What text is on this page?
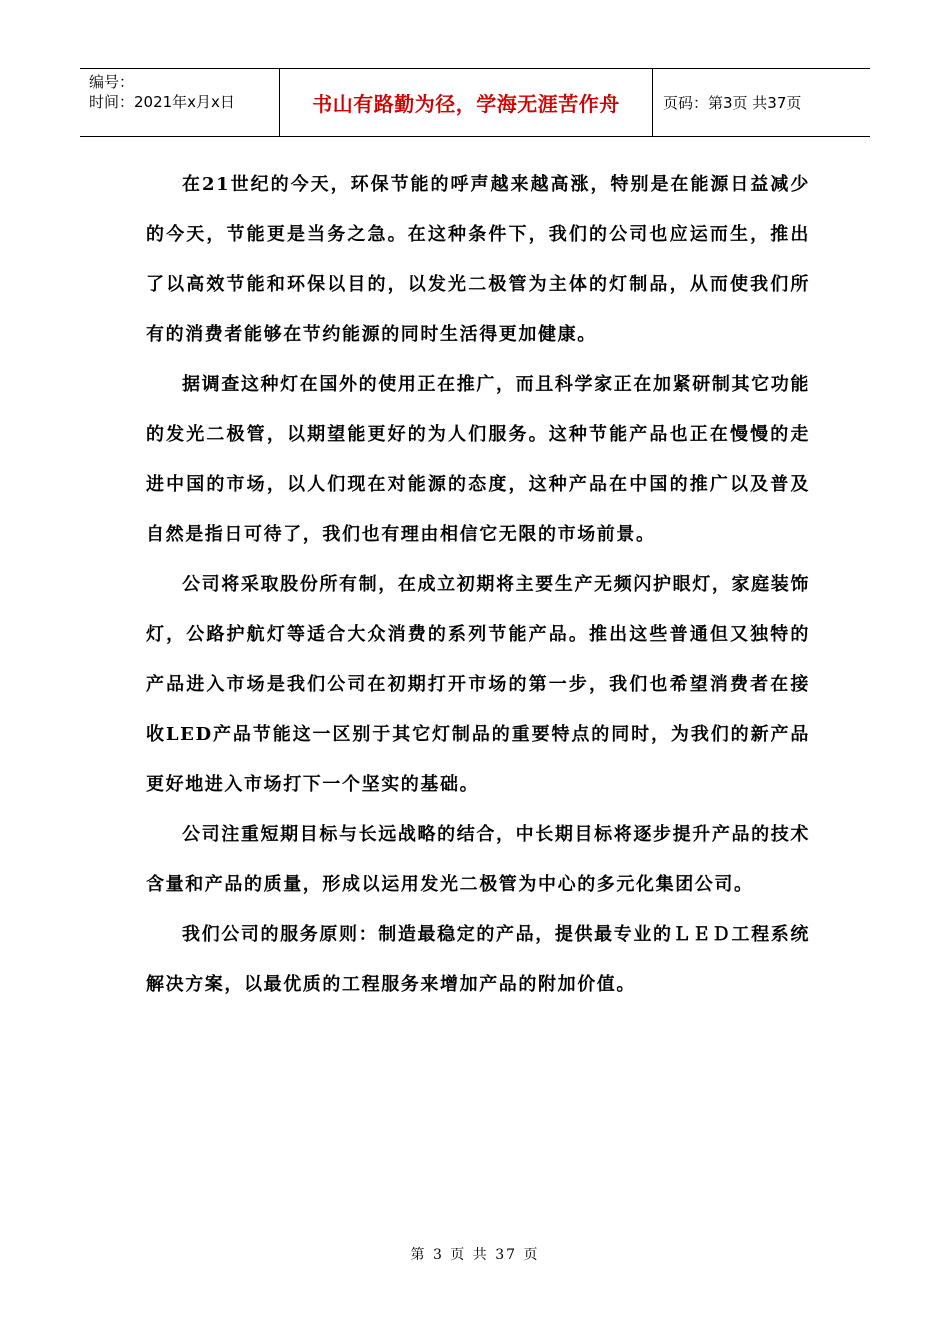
编号：
时间：2021年x月x日	书山有路勤为径，学海无涯苦作舟	页码：第3页 共37页

在21世纪的今天，环保节能的呼声越来越高涨，特别是在能源日益减少的今天，节能更是当务之急。在这种条件下，我们的公司也应运而生，推出了以高效节能和环保以目的，以发光二极管为主体的灯制品，从而使我们所有的消费者能够在节约能源的同时生活得更加健康。

据调查这种灯在国外的使用正在推广，而且科学家正在加紧研制其它功能的发光二极管，以期望能更好的为人们服务。这种节能产品也正在慢慢的走进中国的市场，以人们现在对能源的态度，这种产品在中国的推广以及普及自然是指日可待了，我们也有理由相信它无限的市场前景。

公司将采取股份所有制，在成立初期将主要生产无频闪护眼灯，家庭装饰灯，公路护航灯等适合大众消费的系列节能产品。推出这些普通但又独特的产品进入市场是我们公司在初期打开市场的第一步，我们也希望消费者在接收LED产品节能这一区别于其它灯制品的重要特点的同时，为我们的新产品更好地进入市场打下一个坚实的基础。

公司注重短期目标与长远战略的结合，中长期目标将逐步提升产品的技术含量和产品的质量，形成以运用发光二极管为中心的多元化集团公司。

我们公司的服务原则：制造最稳定的产品，提供最专业的ＬＥＤ工程系统解决方案，以最优质的工程服务来增加产品的附加价值。

第 3 页 共 37 页
